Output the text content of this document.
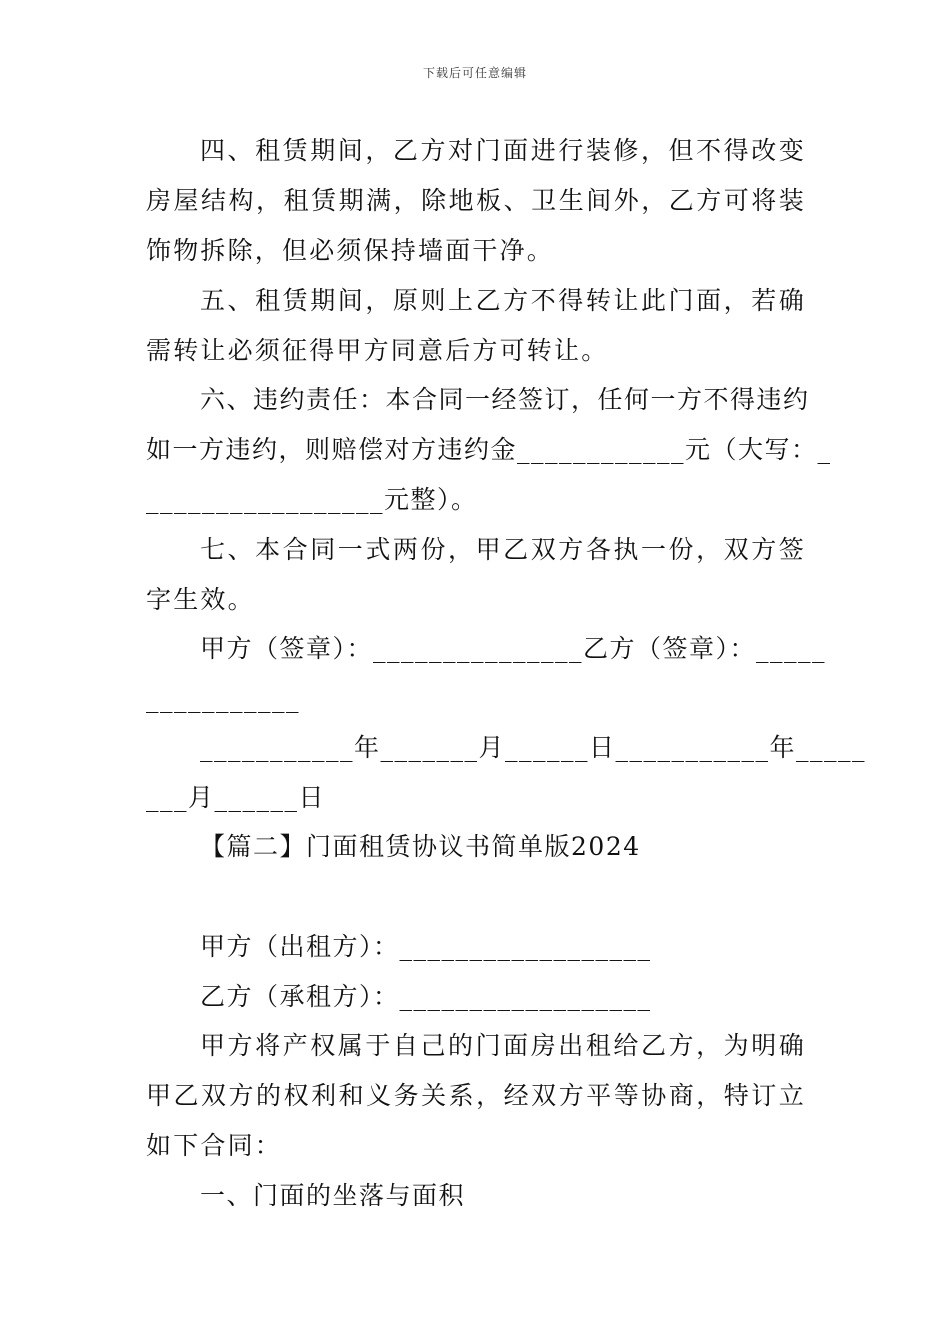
下载后可任意编辑

四、租赁期间，乙方对门面进行装修，但不得改变房屋结构，租赁期满，除地板、卫生间外，乙方可将装饰物拆除，但必须保持墙面干净。

五、租赁期间，原则上乙方不得转让此门面，若确需转让必须征得甲方同意后方可转让。

六、违约责任：本合同一经签订，任何一方不得违约

如一方违约，则赔偿对方违约金____________元（大写：_

_________________元整）。

七、本合同一式两份，甲乙双方各执一份，双方签字生效。

甲方（签章）：_______________乙方（签章）：_____

___________

___________年_______月______日___________年_____

___月______日

【篇二】门面租赁协议书简单版2024

甲方（出租方）：__________________

乙方（承租方）：__________________

甲方将产权属于自己的门面房出租给乙方，为明确甲乙双方的权利和义务关系，经双方平等协商，特订立如下合同：

一、门面的坐落与面积
